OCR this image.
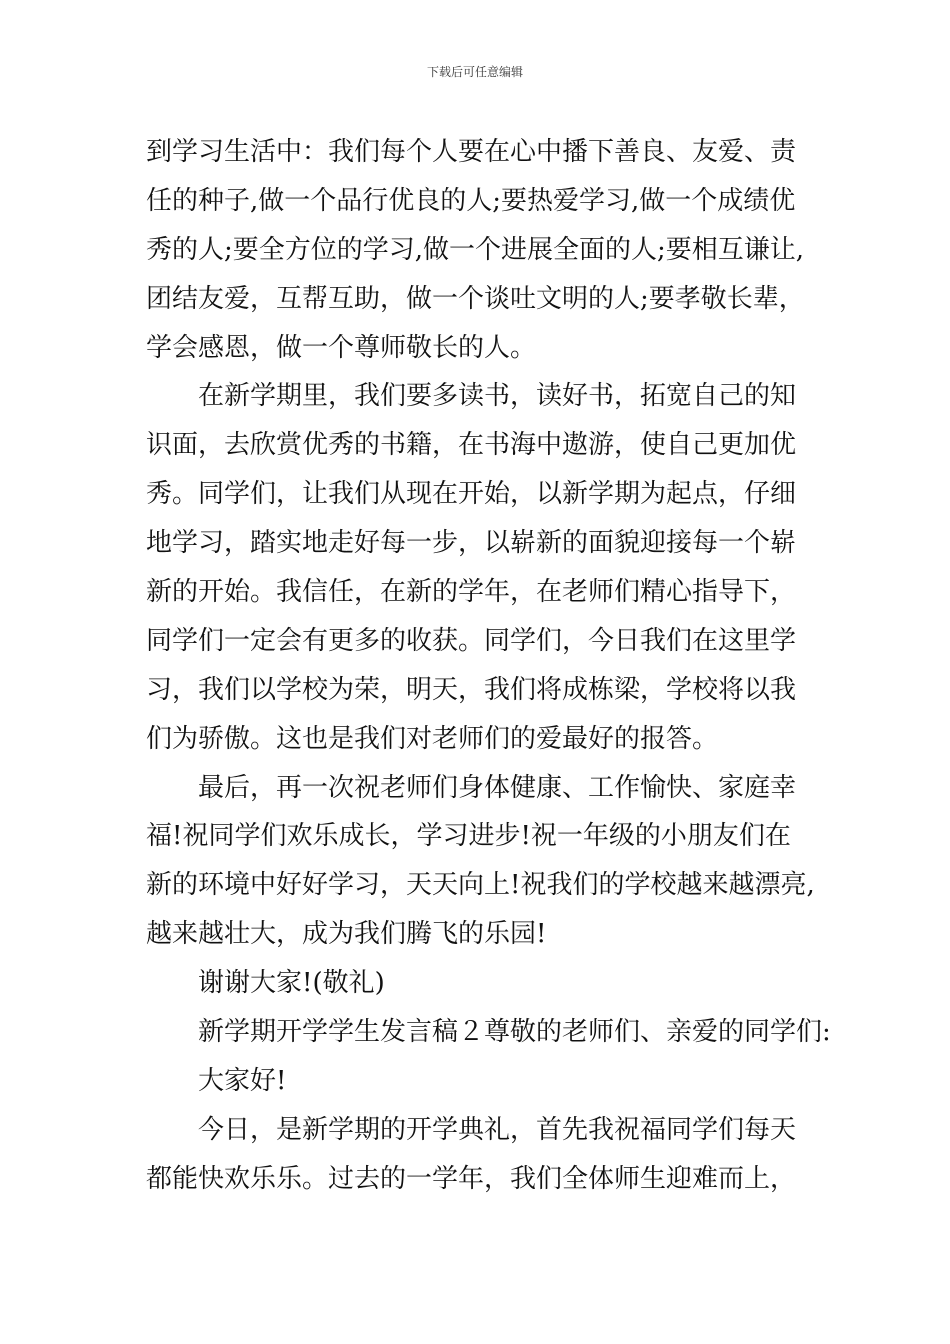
下载后可任意编辑
到学习生活中：我们每个人要在心中播下善良、友爱、责
任的种子,做一个品行优良的人;要热爱学习,做一个成绩优
秀的人;要全方位的学习,做一个进展全面的人;要相互谦让,
团结友爱，互帮互助，做一个谈吐文明的人;要孝敬长辈，
学会感恩，做一个尊师敬长的人。
在新学期里，我们要多读书，读好书，拓宽自己的知
识面，去欣赏优秀的书籍，在书海中遨游，使自己更加优
秀。同学们，让我们从现在开始，以新学期为起点，仔细
地学习，踏实地走好每一步，以崭新的面貌迎接每一个崭
新的开始。我信任，在新的学年，在老师们精心指导下，
同学们一定会有更多的收获。同学们，今日我们在这里学
习，我们以学校为荣，明天，我们将成栋梁，学校将以我
们为骄傲。这也是我们对老师们的爱最好的报答。
最后，再一次祝老师们身体健康、工作愉快、家庭幸
福!祝同学们欢乐成长，学习进步!祝一年级的小朋友们在
新的环境中好好学习，天天向上!祝我们的学校越来越漂亮,
越来越壮大，成为我们腾飞的乐园!
谢谢大家!(敬礼)
新学期开学学生发言稿２尊敬的老师们、亲爱的同学们:
大家好!
今日，是新学期的开学典礼，首先我祝福同学们每天
都能快欢乐乐。过去的一学年，我们全体师生迎难而上，
